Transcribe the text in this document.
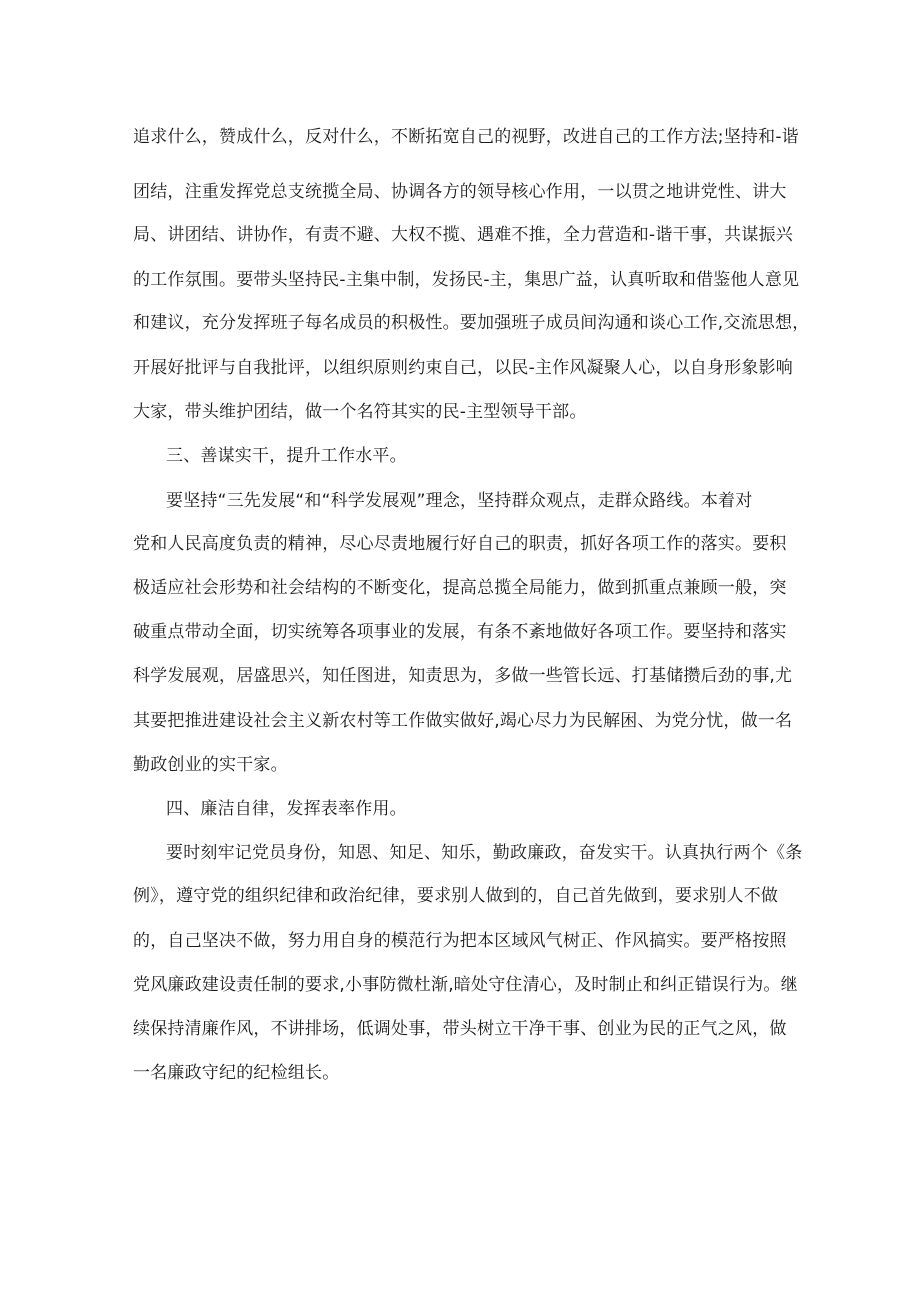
追求什么，赞成什么，反对什么，不断拓宽自己的视野，改进自己的工作方法;坚持和-谐

团结，注重发挥党总支统揽全局、协调各方的领导核心作用，一以贯之地讲党性、讲大

局、讲团结、讲协作，有责不避、大权不揽、遇难不推，全力营造和-谐干事，共谋振兴

的工作氛围。要带头坚持民-主集中制，发扬民-主，集思广益，认真听取和借鉴他人意见

和建议，充分发挥班子每名成员的积极性。要加强班子成员间沟通和谈心工作,交流思想，

开展好批评与自我批评，以组织原则约束自己，以民-主作风凝聚人心，以自身形象影响

大家，带头维护团结，做一个名符其实的民-主型领导干部。

三、善谋实干，提升工作水平。

要坚持“三先发展“和“科学发展观”理念，坚持群众观点，走群众路线。本着对

党和人民高度负责的精神，尽心尽责地履行好自己的职责，抓好各项工作的落实。要积

极适应社会形势和社会结构的不断变化，提高总揽全局能力，做到抓重点兼顾一般，突

破重点带动全面，切实统筹各项事业的发展，有条不紊地做好各项工作。要坚持和落实

科学发展观，居盛思兴，知任图进，知责思为，多做一些管长远、打基储攒后劲的事,尤

其要把推进建设社会主义新农村等工作做实做好,竭心尽力为民解困、为党分忧，做一名

勤政创业的实干家。

四、廉洁自律，发挥表率作用。

要时刻牢记党员身份，知恩、知足、知乐，勤政廉政，奋发实干。认真执行两个《条

例》，遵守党的组织纪律和政治纪律，要求别人做到的，自己首先做到，要求别人不做

的，自己坚决不做，努力用自身的模范行为把本区域风气树正、作风搞实。要严格按照

党风廉政建设责任制的要求,小事防微杜渐,暗处守住清心，及时制止和纠正错误行为。继

续保持清廉作风，不讲排场，低调处事，带头树立干净干事、创业为民的正气之风，做

一名廉政守纪的纪检组长。
